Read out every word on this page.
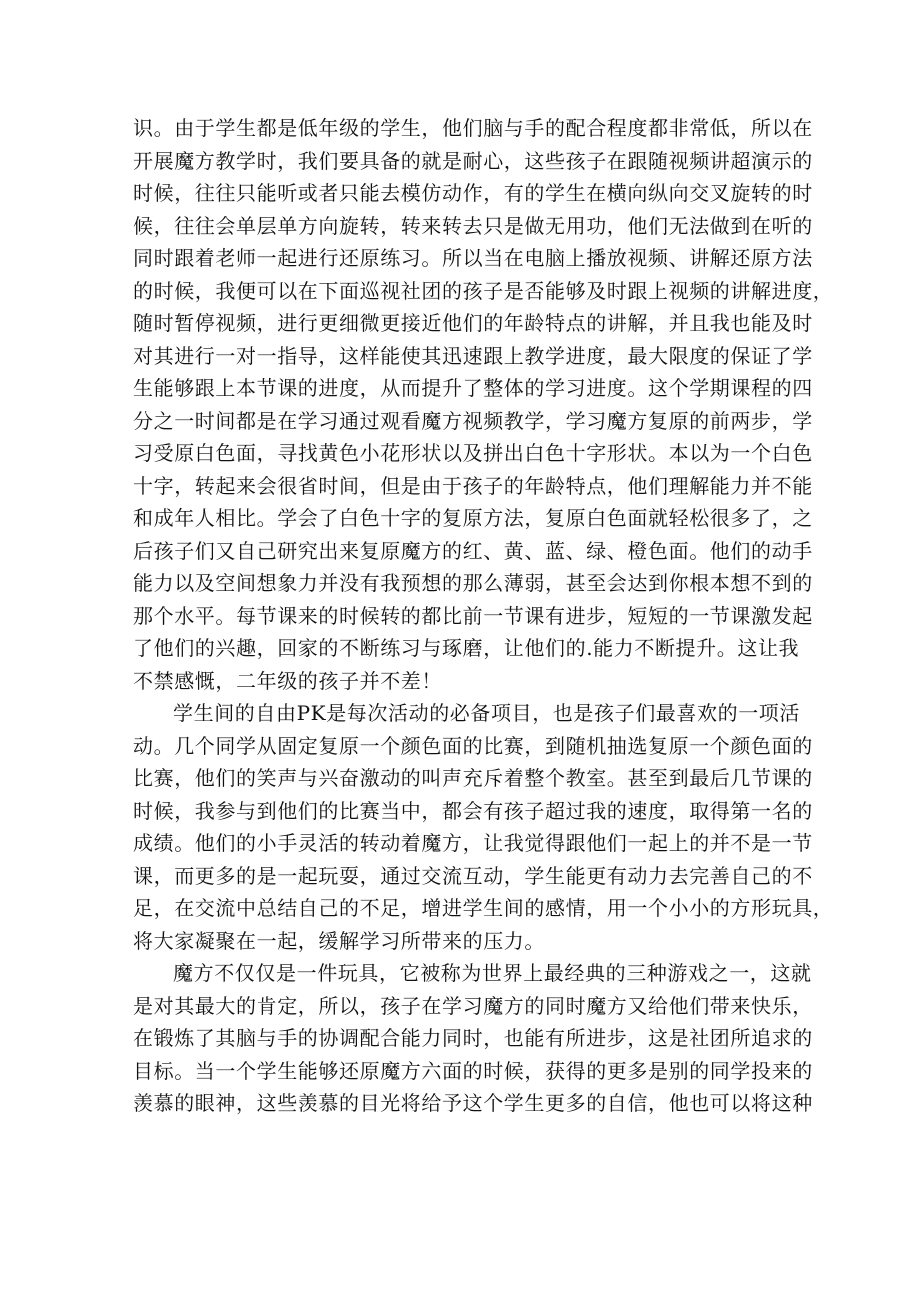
识。由于学生都是低年级的学生，他们脑与手的配合程度都非常低，所以在
开展魔方教学时，我们要具备的就是耐心，这些孩子在跟随视频讲超演示的
时候，往往只能听或者只能去模仿动作，有的学生在横向纵向交叉旋转的时
候，往往会单层单方向旋转，转来转去只是做无用功，他们无法做到在听的
同时跟着老师一起进行还原练习。所以当在电脑上播放视频、讲解还原方法
的时候，我便可以在下面巡视社团的孩子是否能够及时跟上视频的讲解进度，
随时暂停视频，进行更细微更接近他们的年龄特点的讲解，并且我也能及时
对其进行一对一指导，这样能使其迅速跟上教学进度，最大限度的保证了学
生能够跟上本节课的进度，从而提升了整体的学习进度。这个学期课程的四
分之一时间都是在学习通过观看魔方视频教学，学习魔方复原的前两步，学
习受原白色面，寻找黄色小花形状以及拼出白色十字形状。本以为一个白色
十字，转起来会很省时间，但是由于孩子的年龄特点，他们理解能力并不能
和成年人相比。学会了白色十字的复原方法，复原白色面就轻松很多了，之
后孩子们又自己研究出来复原魔方的红、黄、蓝、绿、橙色面。他们的动手
能力以及空间想象力并没有我预想的那么薄弱，甚至会达到你根本想不到的
那个水平。每节课来的时候转的都比前一节课有进步，短短的一节课激发起
了他们的兴趣，回家的不断练习与琢磨，让他们的.能力不断提升。这让我
不禁感慨，二年级的孩子并不差！
学生间的自由PK是每次活动的必备项目，也是孩子们最喜欢的一项活
动。几个同学从固定复原一个颜色面的比赛，到随机抽选复原一个颜色面的
比赛，他们的笑声与兴奋激动的叫声充斥着整个教室。甚至到最后几节课的
时候，我参与到他们的比赛当中，都会有孩子超过我的速度，取得第一名的
成绩。他们的小手灵活的转动着魔方，让我觉得跟他们一起上的并不是一节
课，而更多的是一起玩耍，通过交流互动，学生能更有动力去完善自己的不
足，在交流中总结自己的不足，增进学生间的感情，用一个小小的方形玩具，
将大家凝聚在一起，缓解学习所带来的压力。
魔方不仅仅是一件玩具，它被称为世界上最经典的三种游戏之一，这就
是对其最大的肯定，所以，孩子在学习魔方的同时魔方又给他们带来快乐，
在锻炼了其脑与手的协调配合能力同时，也能有所进步，这是社团所追求的
目标。当一个学生能够还原魔方六面的时候，获得的更多是别的同学投来的
羡慕的眼神，这些羡慕的目光将给予这个学生更多的自信，他也可以将这种
